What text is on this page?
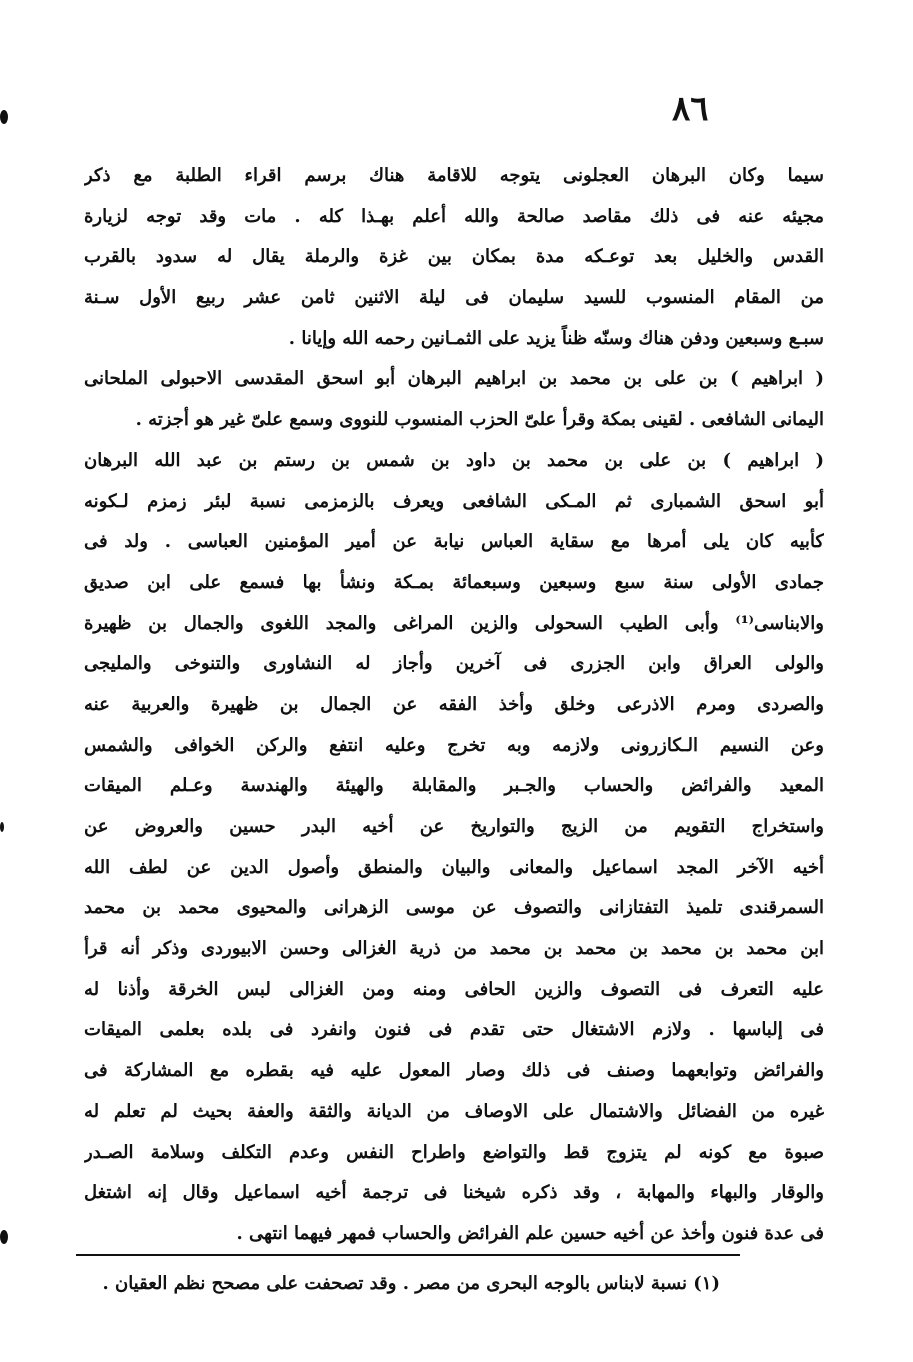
٨٦
سيما وكان البرهان العجلونى يتوجه للاقامة هناك برسم اقراء الطلبة مع ذكر
مجيئه عنه فى ذلك مقاصد صالحة والله أعلم بهـذا كله . مات وقد توجه لزيارة
القدس والخليل بعد توعـكه مدة بمكان بين غزة والرملة يقال له سدود بالقرب
من المقام المنسوب للسيد سليمان فى ليلة الاثنين ثامن عشر ربيع الأول سـنة
سبـع وسبعين ودفن هناك وسنّه ظناً يزيد على الثمـانين رحمه الله وإيانا .
( ابراهيم ) بن على بن محمد بن ابراهيم البرهان أبو اسحق المقدسى الاحبولى الملحانى
اليمانى الشافعى . لقينى بمكة وقرأ علىّ الحزب المنسوب للنووى وسمع علىّ غير هو أجزته .
( ابراهيم ) بن على بن محمد بن داود بن شمس بن رستم بن عبد الله البرهان
أبو اسحق الشمبارى ثم المـكى الشافعى ويعرف بالزمزمى نسبة لبئر زمزم لـكونه
كأبيه كان يلى أمرها مع سقاية العباس نيابة عن أمير المؤمنين العباسى . ولد فى
جمادى الأولى سنة سبع وسبعين وسبعمائة بمـكة ونشأ بها فسمع على ابن صديق
والابناسى⁽¹⁾ وأبى الطيب السحولى والزين المراغى والمجد اللغوى والجمال بن ظهيرة
والولى العراق وابن الجزرى فى آخرين وأجاز له النشاورى والتنوخى والمليجى
والصردى ومرم الاذرعى وخلق وأخذ الفقه عن الجمال بن ظهيرة والعربية عنه
وعن النسيم الـكازرونى ولازمه وبه تخرج وعليه انتفع والركن الخوافى والشمس
المعيد والفرائض والحساب والجـبر والمقابلة والهيئة والهندسة وعـلم الميقات
واستخراج التقويم من الزيج والتواريخ عن أخيه البدر حسين والعروض عن
أخيه الآخر المجد اسماعيل والمعانى والبيان والمنطق وأصول الدين عن لطف الله
السمرقندى تلميذ التفتازانى والتصوف عن موسى الزهرانى والمحيوى محمد بن محمد
ابن محمد بن محمد بن محمد بن محمد من ذرية الغزالى وحسن الابيوردى وذكر أنه قرأ
عليه التعرف فى التصوف والزين الحافى ومنه ومن الغزالى لبس الخرقة وأذنا له
فى إلباسها . ولازم الاشتغال حتى تقدم فى فنون وانفرد فى بلده بعلمى الميقات
والفرائض وتوابعهما وصنف فى ذلك وصار المعول عليه فيه بقطره مع المشاركة فى
غيره من الفضائل والاشتمال على الاوصاف من الديانة والثقة والعفة بحيث لم تعلم له
صبوة مع كونه لم يتزوج قط والتواضع واطراح النفس وعدم التكلف وسلامة الصـدر
والوقار والبهاء والمهابة ، وقد ذكره شيخنا فى ترجمة أخيه اسماعيل وقال إنه اشتغل
فى عدة فنون وأخذ عن أخيه حسين علم الفرائض والحساب فمهر فيهما انتهى .
(١) نسبة لابناس بالوجه البحرى من مصر . وقد تصحفت على مصحح نظم العقيان .
